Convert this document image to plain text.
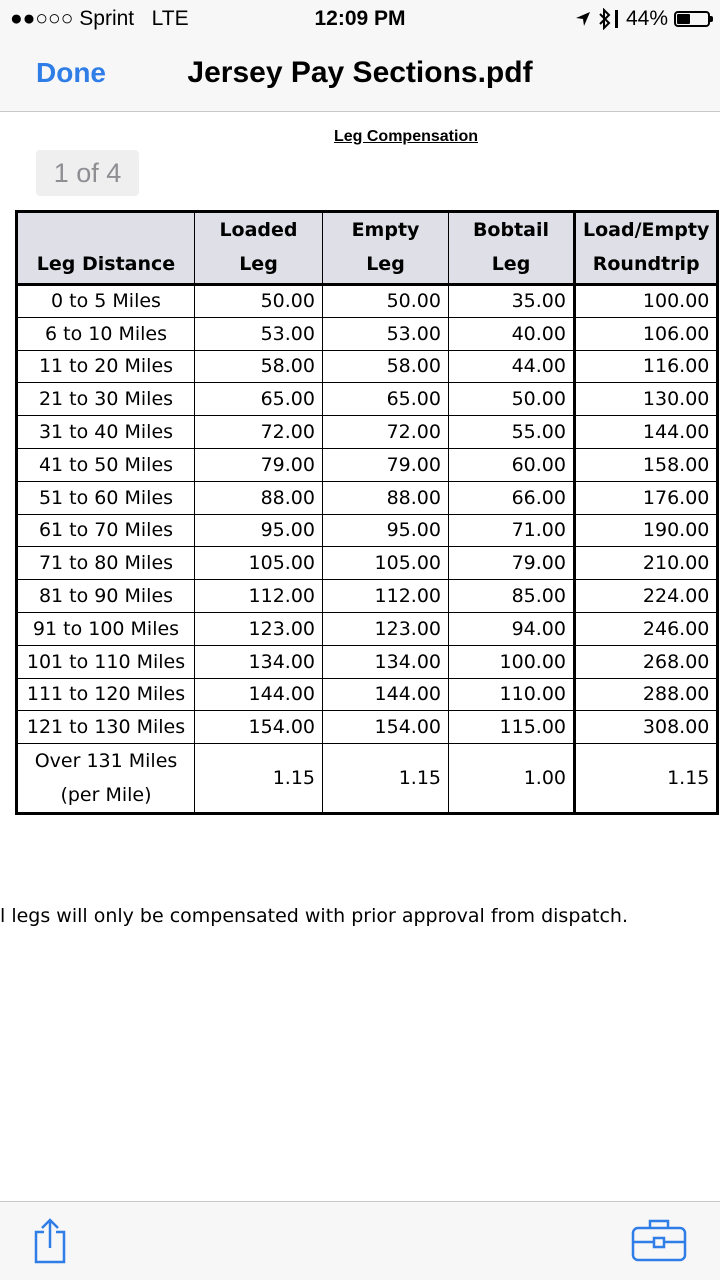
●●○○○ Sprint LTE	12:09 PM	44%
Done	Jersey Pay Sections.pdf
Leg Compensation
1 of 4
Leg Distance	Loaded Leg	Empty Leg	Bobtail Leg	Load/Empty
Roundtrip

0 to 5 Miles	50.00	50.00	35.00	100.00
6 to 10 Miles	53.00	53.00	40.00	106.00
11 to 20 Miles	58.00	58.00	44.00	116.00
21 to 30 Miles	65.00	65.00	50.00	130.00
31 to 40 Miles	72.00	72.00	55.00	144.00
41 to 50 Miles	79.00	79.00	60.00	158.00
51 to 60 Miles	88.00	88.00	66.00	176.00
61 to 70 Miles	95.00	95.00	71.00	190.00
71 to 80 Miles	105.00	105.00	79.00	210.00
81 to 90 Miles	112.00	112.00	85.00	224.00
91 to 100 Miles	123.00	123.00	94.00	246.00
101 to 110 Miles	134.00	134.00	100.00	268.00
111 to 120 Miles	144.00	144.00	110.00	288.00
121 to 130 Miles	154.00	154.00	115.00	308.00

Over 131 Miles
(per Mile)	1.15	1.15	1.00	1.15
l legs will only be compensated with prior approval from dispatch.
